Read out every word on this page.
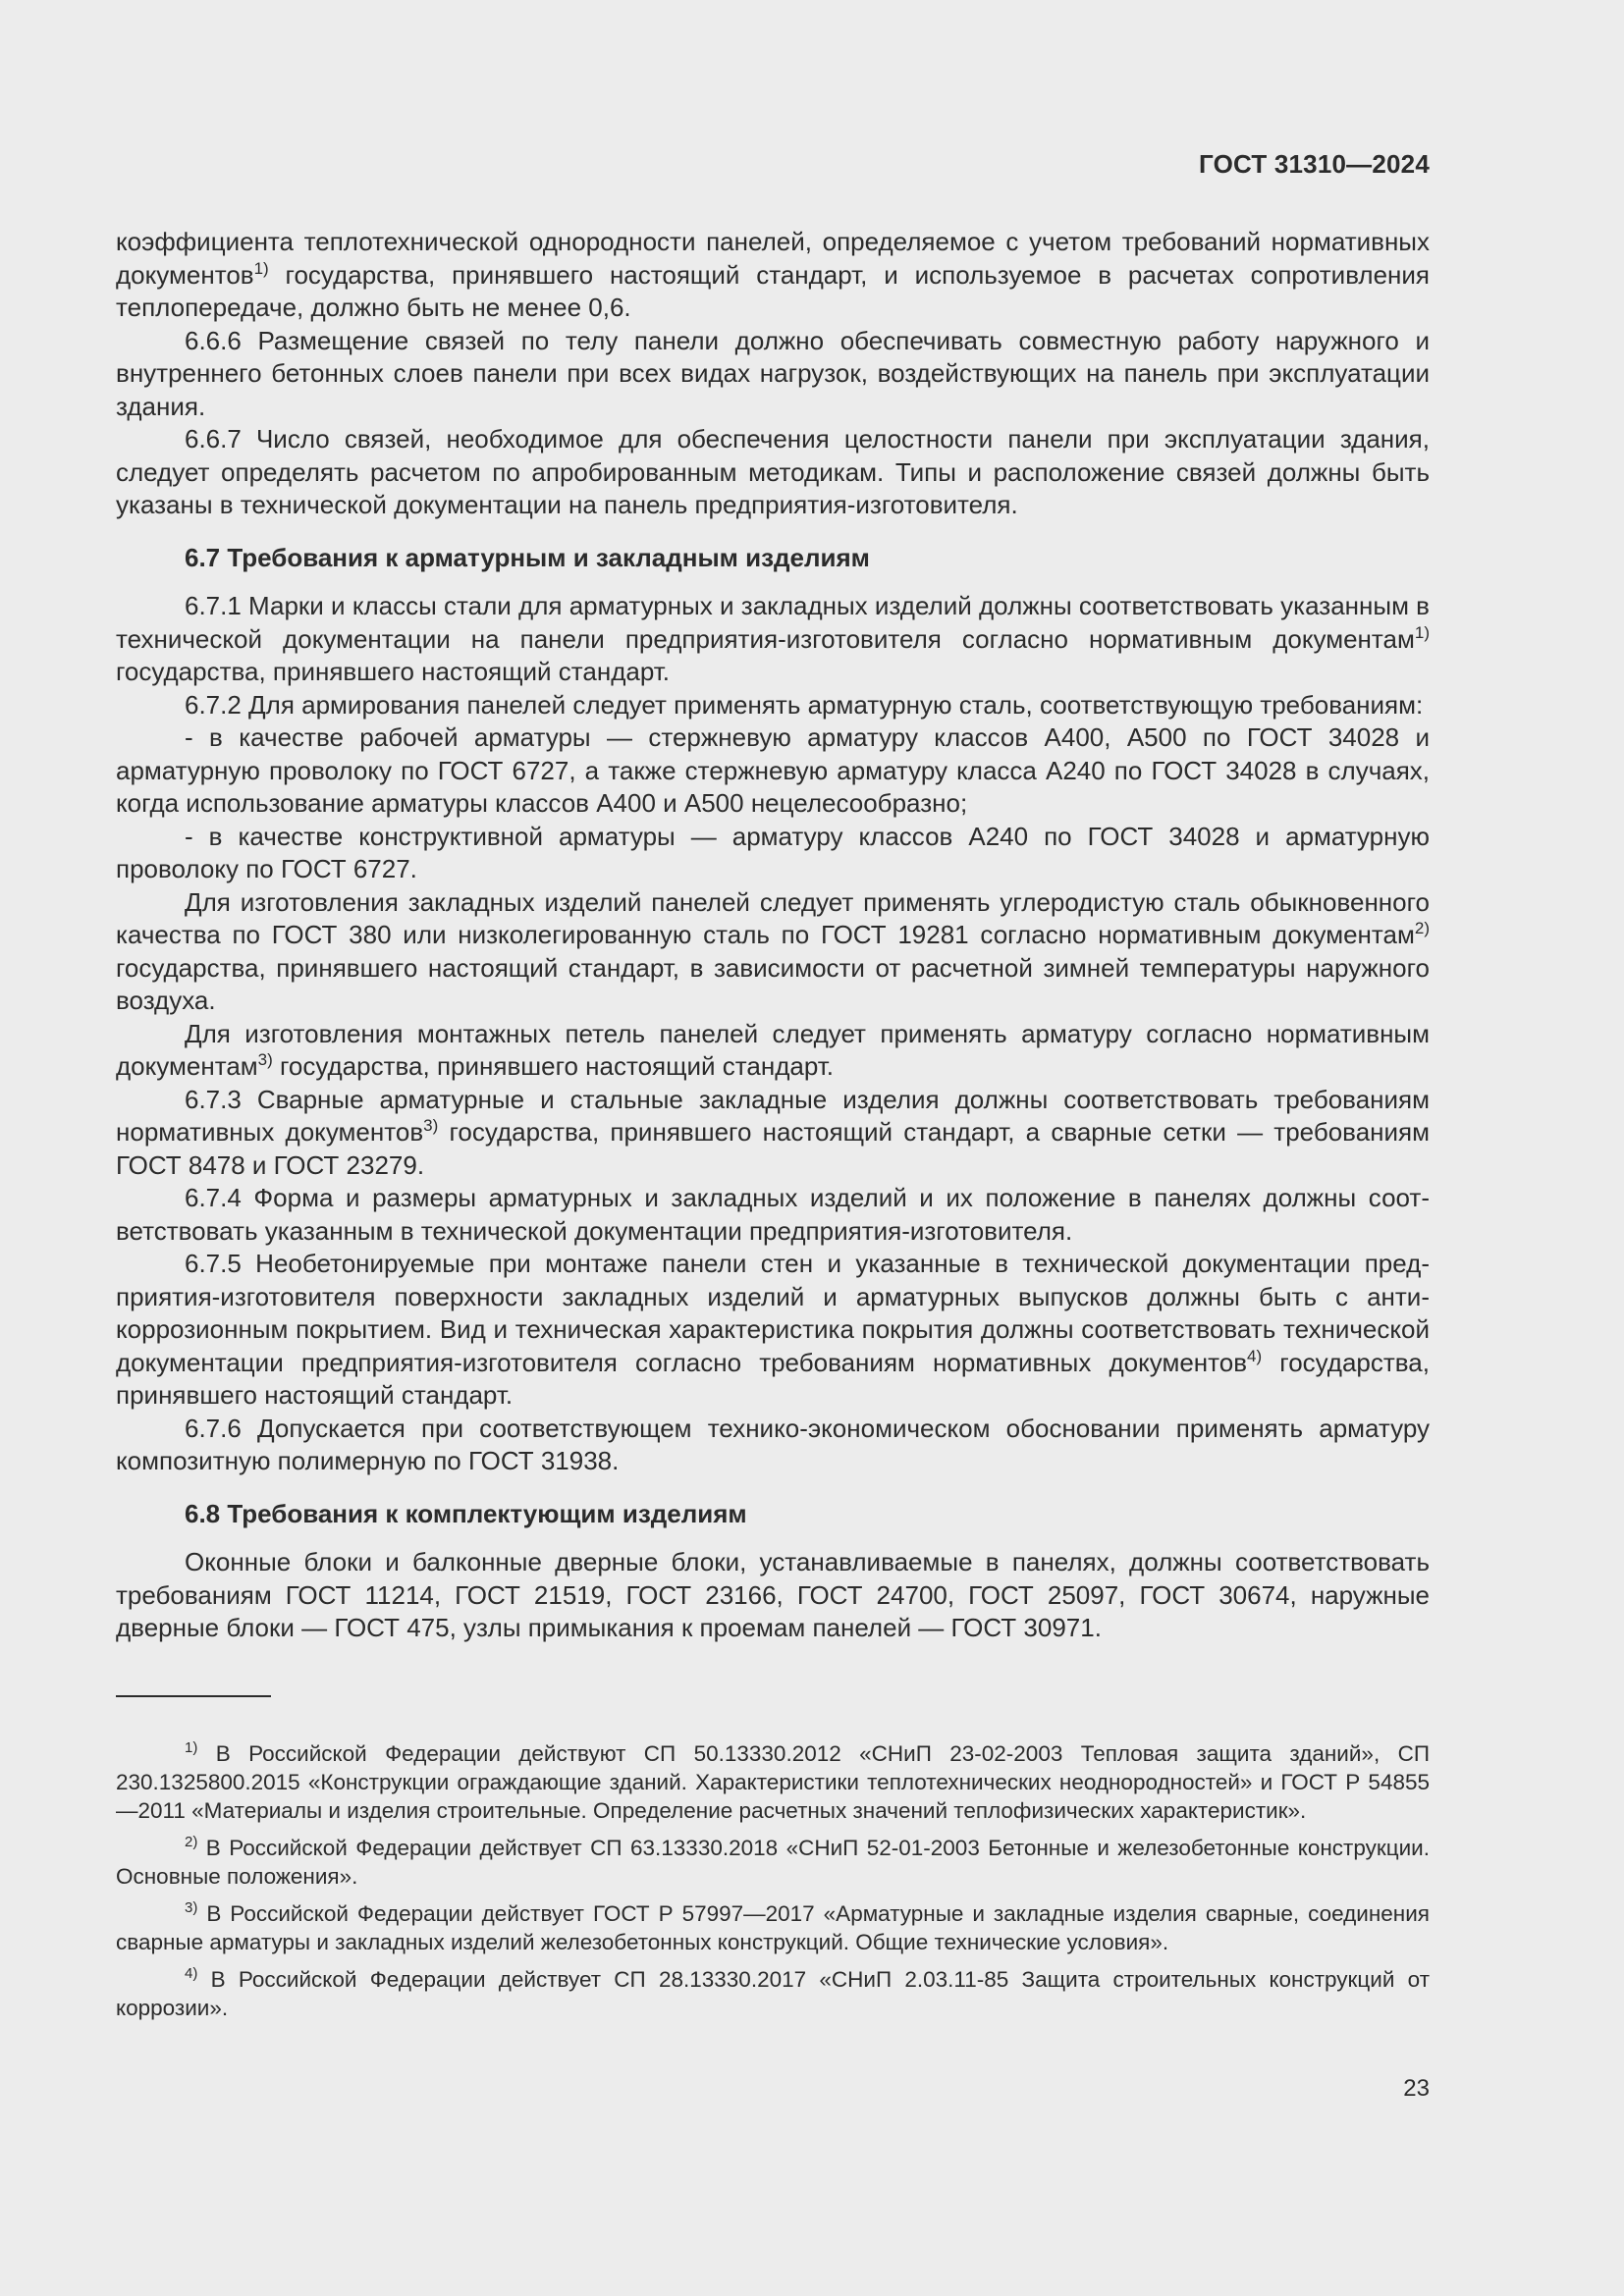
ГОСТ 31310—2024

коэффициента теплотехнической однородности панелей, определяемое с учетом требований нормативных документов$^{1)}$ государства, принявшего настоящий стандарт, и используемое в расчетах сопротивления теплопередаче, должно быть не менее 0,6.

6.6.6 Размещение связей по телу панели должно обеспечивать совместную работу наружного и внутреннего бетонных слоев панели при всех видах нагрузок, воздействующих на панель при эксплуатации здания.

6.6.7 Число связей, необходимое для обеспечения целостности панели при эксплуатации здания, следует определять расчетом по апробированным методикам. Типы и расположение связей должны быть указаны в технической документации на панель предприятия-изготовителя.

6.7 Требования к арматурным и закладным изделиям

6.7.1 Марки и классы стали для арматурных и закладных изделий должны соответствовать указанным в технической документации на панели предприятия-изготовителя согласно нормативным документам$^{1)}$ государства, принявшего настоящий стандарт.

6.7.2 Для армирования панелей следует применять арматурную сталь, соответствующую требованиям:

- в качестве рабочей арматуры — стержневую арматуру классов А400, А500 по ГОСТ 34028 и арматурную проволоку по ГОСТ 6727, а также стержневую арматуру класса А240 по ГОСТ 34028 в случаях, когда использование арматуры классов А400 и А500 нецелесообразно;

- в качестве конструктивной арматуры — арматуру классов А240 по ГОСТ 34028 и арматурную проволоку по ГОСТ 6727.

Для изготовления закладных изделий панелей следует применять углеродистую сталь обыкновенного качества по ГОСТ 380 или низколегированную сталь по ГОСТ 19281 согласно нормативным документам$^{2)}$ государства, принявшего настоящий стандарт, в зависимости от расчетной зимней температуры наружного воздуха.

Для изготовления монтажных петель панелей следует применять арматуру согласно нормативным документам$^{3)}$ государства, принявшего настоящий стандарт.

6.7.3 Сварные арматурные и стальные закладные изделия должны соответствовать требованиям нормативных документов$^{3)}$ государства, принявшего настоящий стандарт, а сварные сетки — требованиям ГОСТ 8478 и ГОСТ 23279.

6.7.4 Форма и размеры арматурных и закладных изделий и их положение в панелях должны соответствовать указанным в технической документации предприятия-изготовителя.

6.7.5 Необетонируемые при монтаже панели стен и указанные в технической документации предприятия-изготовителя поверхности закладных изделий и арматурных выпусков должны быть с антикоррозионным покрытием. Вид и техническая характеристика покрытия должны соответствовать технической документации предприятия-изготовителя согласно требованиям нормативных документов$^{4)}$ государства, принявшего настоящий стандарт.

6.7.6 Допускается при соответствующем технико-экономическом обосновании применять арматуру композитную полимерную по ГОСТ 31938.

6.8 Требования к комплектующим изделиям

Оконные блоки и балконные дверные блоки, устанавливаемые в панелях, должны соответствовать требованиям ГОСТ 11214, ГОСТ 21519, ГОСТ 23166, ГОСТ 24700, ГОСТ 25097, ГОСТ 30674, наружные дверные блоки — ГОСТ 475, узлы примыкания к проемам панелей — ГОСТ 30971.

$^{1)}$ В Российской Федерации действуют СП 50.13330.2012 «СНиП 23-02-2003 Тепловая защита зданий», СП 230.1325800.2015 «Конструкции ограждающие зданий. Характеристики теплотехнических неоднородностей» и ГОСТ Р 54855—2011 «Материалы и изделия строительные. Определение расчетных значений теплофизических характеристик».

$^{2)}$ В Российской Федерации действует СП 63.13330.2018 «СНиП 52-01-2003 Бетонные и железобетонные конструкции. Основные положения».

$^{3)}$ В Российской Федерации действует ГОСТ Р 57997—2017 «Арматурные и закладные изделия сварные, соединения сварные арматуры и закладных изделий железобетонных конструкций. Общие технические условия».

$^{4)}$ В Российской Федерации действует СП 28.13330.2017 «СНиП 2.03.11-85 Защита строительных конструкций от коррозии».

23
